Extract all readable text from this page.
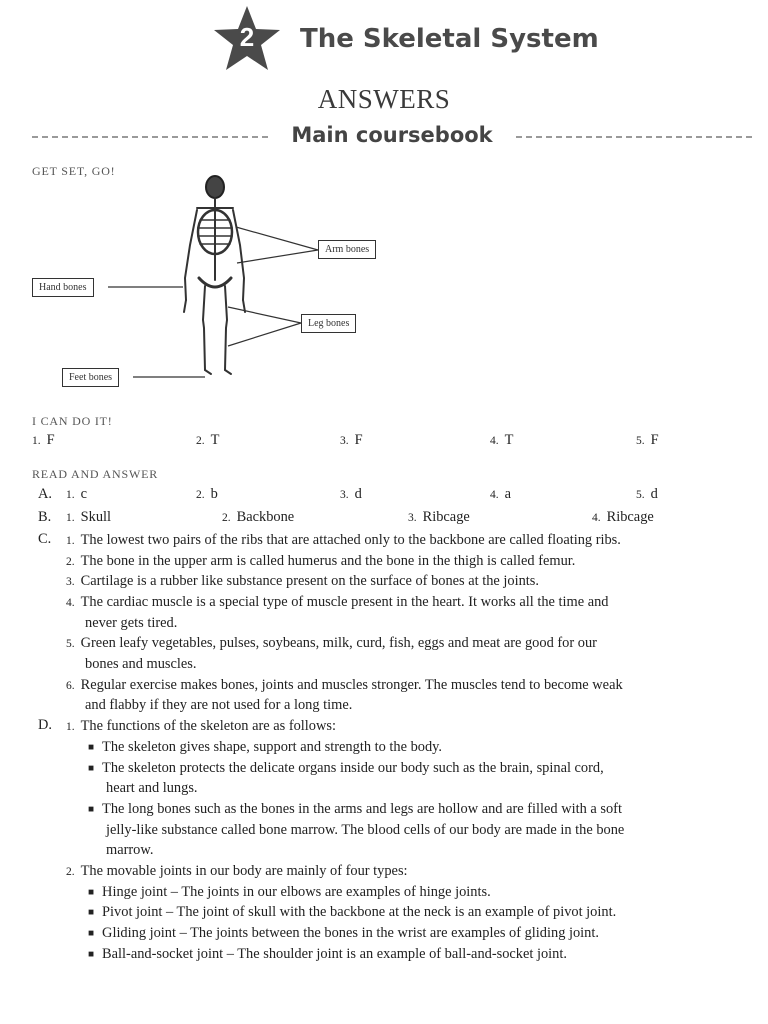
2	The Skeletal System
ANSWERS
Main coursebook
GET SET, GO!
Arm bones
Hand bones
Leg bones
Feet bones
I CAN DO IT!
1. F	2. T	3. F	4. T	5. F
READ AND ANSWER
A. 1. c	2. b	3. d	4. a	5. d
B. 1. Skull	2. Backbone	3. Ribcage	4. Ribcage
C. 1. The lowest two pairs of the ribs that are attached only to the backbone are called floating ribs.
2. The bone in the upper arm is called humerus and the bone in the thigh is called femur.
3. Cartilage is a rubber like substance present on the surface of bones at the joints.
4. The cardiac muscle is a special type of muscle present in the heart. It works all the time and
never gets tired.
5. Green leafy vegetables, pulses, soybeans, milk, curd, fish, eggs and meat are good for our
bones and muscles.
6. Regular exercise makes bones, joints and muscles stronger. The muscles tend to become weak
and flabby if they are not used for a long time.
D. 1. The functions of the skeleton are as follows:
■ The skeleton gives shape, support and strength to the body.
■ The skeleton protects the delicate organs inside our body such as the brain, spinal cord,
heart and lungs.
■ The long bones such as the bones in the arms and legs are hollow and are filled with a soft
jelly-like substance called bone marrow. The blood cells of our body are made in the bone
marrow.
2. The movable joints in our body are mainly of four types:
■ Hinge joint – The joints in our elbows are examples of hinge joints.
■ Pivot joint – The joint of skull with the backbone at the neck is an example of pivot joint.
■ Gliding joint – The joints between the bones in the wrist are examples of gliding joint.
■ Ball-and-socket joint – The shoulder joint is an example of ball-and-socket joint.
